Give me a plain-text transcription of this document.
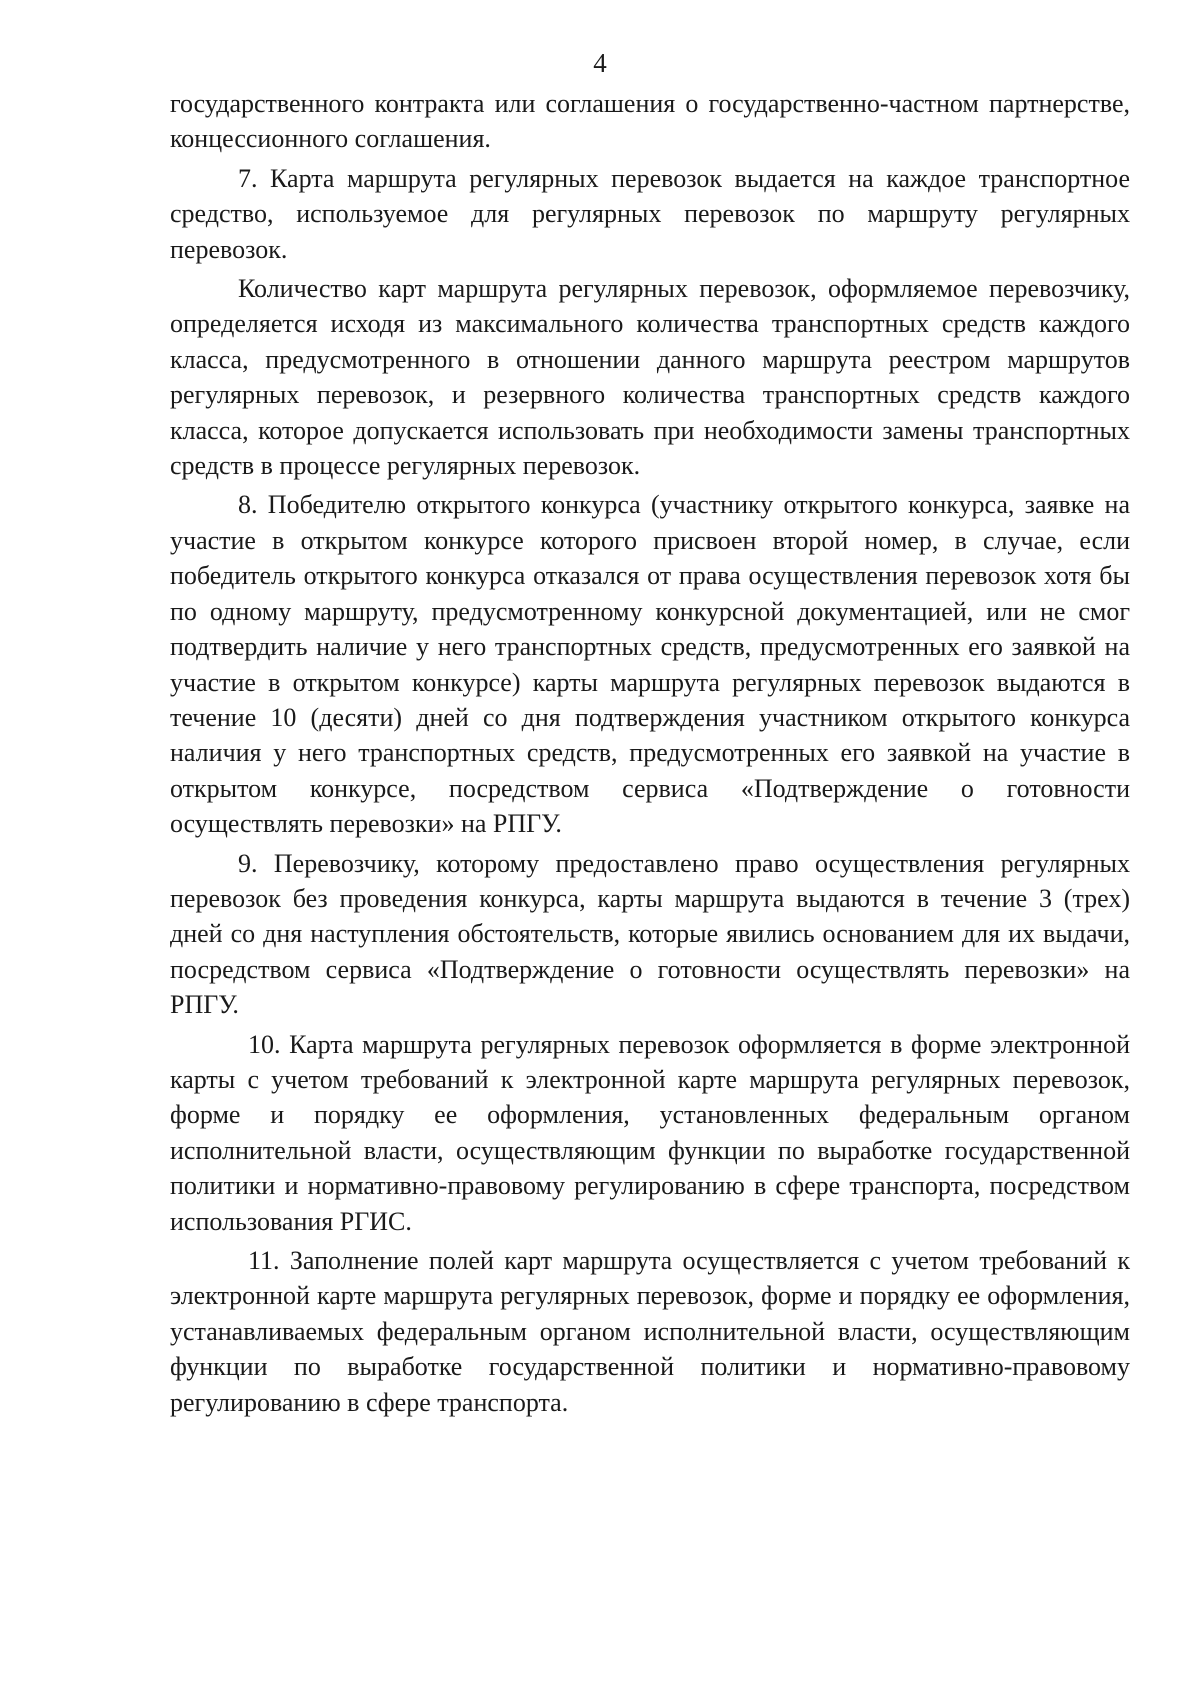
4

государственного контракта или соглашения о государственно-частном партнерстве, концессионного соглашения.

7. Карта маршрута регулярных перевозок выдается на каждое транспортное средство, используемое для регулярных перевозок по маршруту регулярных перевозок.

Количество карт маршрута регулярных перевозок, оформляемое перевозчику, определяется исходя из максимального количества транспортных средств каждого класса, предусмотренного в отношении данного маршрута реестром маршрутов регулярных перевозок, и резервного количества транспортных средств каждого класса, которое допускается использовать при необходимости замены транспортных средств в процессе регулярных перевозок.

8. Победителю открытого конкурса (участнику открытого конкурса, заявке на участие в открытом конкурсе которого присвоен второй номер, в случае, если победитель открытого конкурса отказался от права осуществления перевозок хотя бы по одному маршруту, предусмотренному конкурсной документацией, или не смог подтвердить наличие у него транспортных средств, предусмотренных его заявкой на участие в открытом конкурсе) карты маршрута регулярных перевозок выдаются в течение 10 (десяти) дней со дня подтверждения участником открытого конкурса наличия у него транспортных средств, предусмотренных его заявкой на участие в открытом конкурсе, посредством сервиса «Подтверждение о готовности осуществлять перевозки» на РПГУ.

9. Перевозчику, которому предоставлено право осуществления регулярных перевозок без проведения конкурса, карты маршрута выдаются в течение 3 (трех) дней со дня наступления обстоятельств, которые явились основанием для их выдачи, посредством сервиса «Подтверждение о готовности осуществлять перевозки» на РПГУ.

10. Карта маршрута регулярных перевозок оформляется в форме электронной карты с учетом требований к электронной карте маршрута регулярных перевозок, форме и порядку ее оформления, установленных федеральным органом исполнительной власти, осуществляющим функции по выработке государственной политики и нормативно-правовому регулированию в сфере транспорта, посредством использования РГИС.

11. Заполнение полей карт маршрута осуществляется с учетом требований к электронной карте маршрута регулярных перевозок, форме и порядку ее оформления, устанавливаемых федеральным органом исполнительной власти, осуществляющим функции по выработке государственной политики и нормативно-правовому регулированию в сфере транспорта.
